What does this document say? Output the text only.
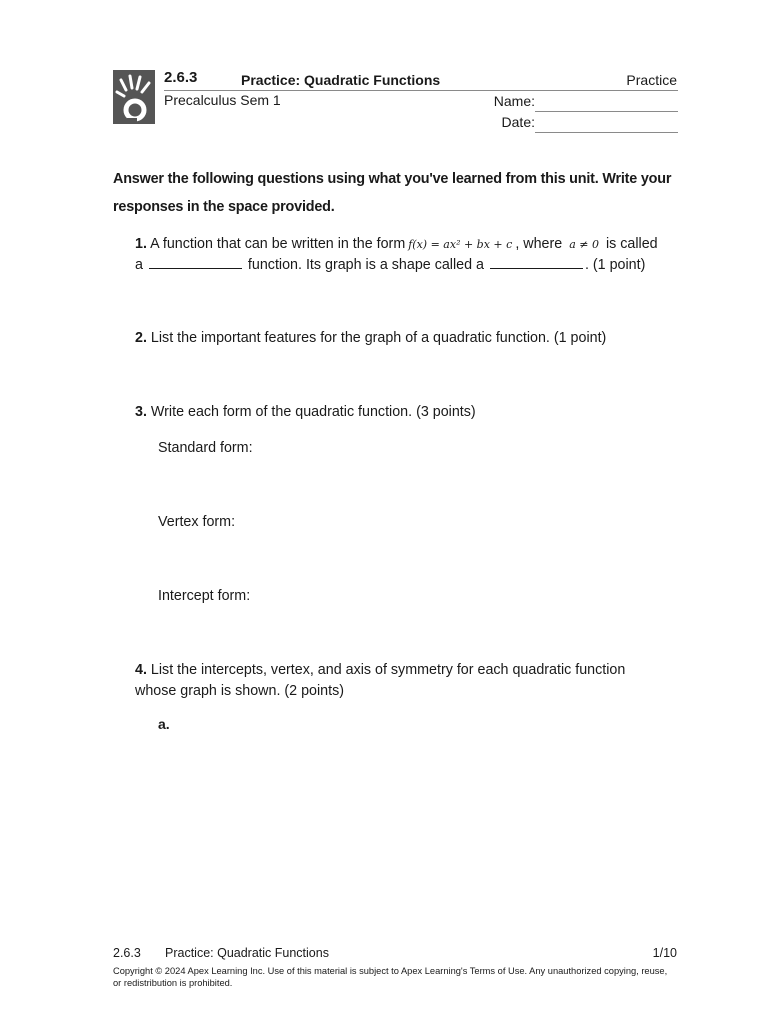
2.6.3	Practice: Quadratic Functions	Practice
Precalculus Sem 1	Name:
Date:
Answer the following questions using what you've learned from this unit. Write your responses in the space provided.
1. A function that can be written in the form f(x) = ax² + bx + c , where a ≠ 0 is called
a	function. Its graph is a shape called a	. (1 point)
2. List the important features for the graph of a quadratic function. (1 point)
3. Write each form of the quadratic function. (3 points)
Standard form:
Vertex form:
Intercept form:
4. List the intercepts, vertex, and axis of symmetry for each quadratic function whose graph is shown. (2 points)
a.
2.6.3 Practice: Quadratic Functions	1/10
Copyright © 2024 Apex Learning Inc. Use of this material is subject to Apex Learning's Terms of Use. Any unauthorized copying, reuse, or redistribution is prohibited.
